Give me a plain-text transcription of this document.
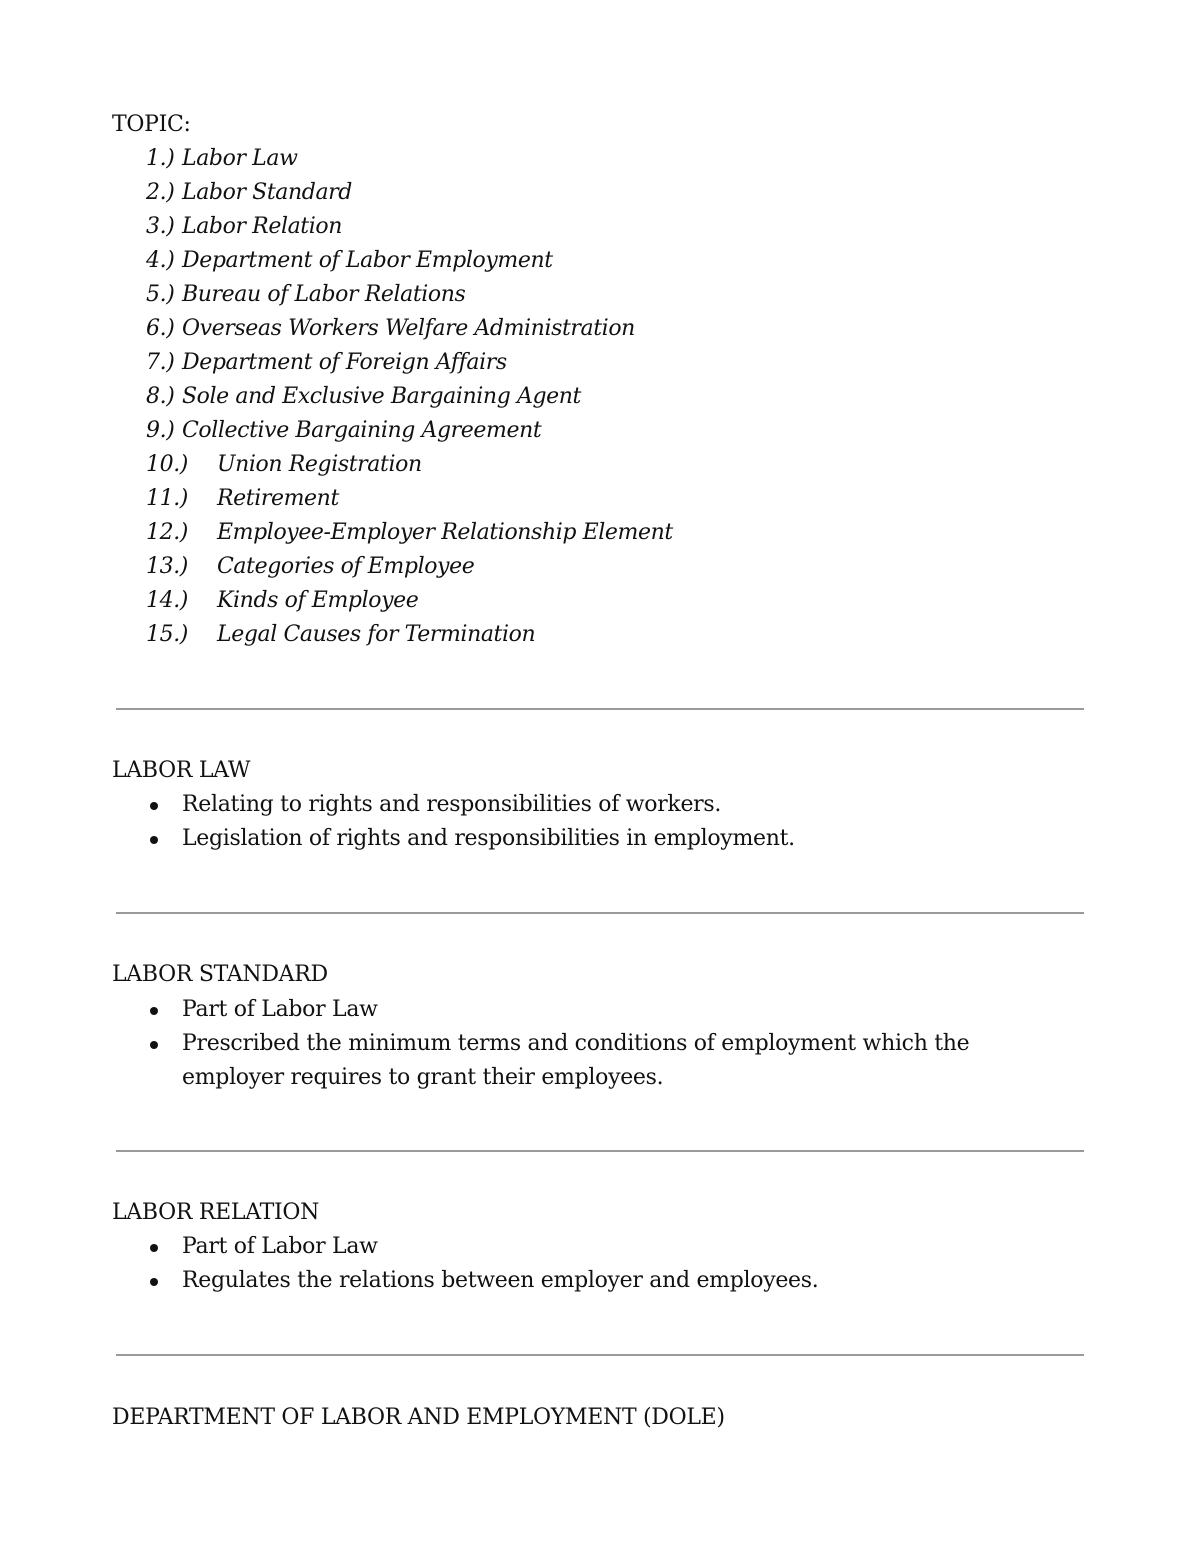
TOPIC:
1.) Labor Law
2.) Labor Standard
3.) Labor Relation
4.) Department of Labor Employment
5.) Bureau of Labor Relations
6.) Overseas Workers Welfare Administration
7.) Department of Foreign Affairs
8.) Sole and Exclusive Bargaining Agent
9.) Collective Bargaining Agreement
10.) Union Registration
11.) Retirement
12.) Employee-Employer Relationship Element
13.) Categories of Employee
14.) Kinds of Employee
15.) Legal Causes for Termination
LABOR LAW
Relating to rights and responsibilities of workers.
Legislation of rights and responsibilities in employment.
LABOR STANDARD
Part of Labor Law
Prescribed the minimum terms and conditions of employment which the employer requires to grant their employees.
LABOR RELATION
Part of Labor Law
Regulates the relations between employer and employees.
DEPARTMENT OF LABOR AND EMPLOYMENT (DOLE)
